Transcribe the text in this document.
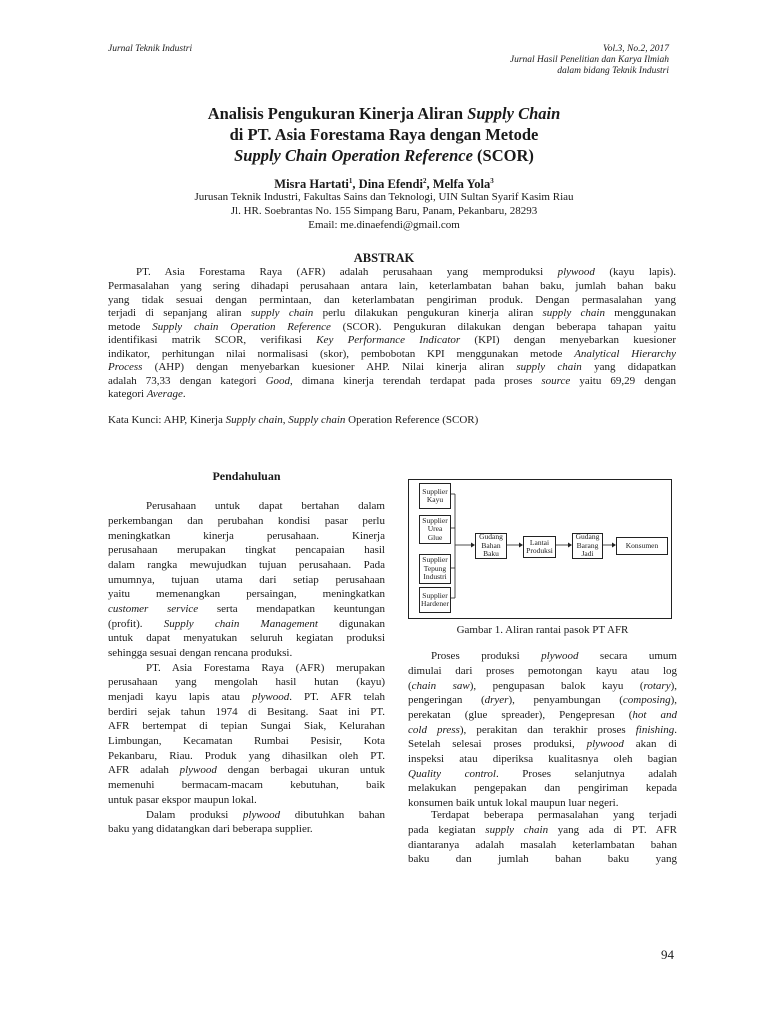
Jurnal Teknik Industri	Vol.3, No.2, 2017
Jurnal Hasil Penelitian dan Karya Ilmiah
dalam bidang Teknik Industri
Analisis Pengukuran Kinerja Aliran Supply Chain
di PT. Asia Forestama Raya dengan Metode
Supply Chain Operation Reference (SCOR)
Misra Hartati$^1$, Dina Efendi$^2$, Melfa Yola$^3$
Jurusan Teknik Industri, Fakultas Sains dan Teknologi, UIN Sultan Syarif Kasim Riau
Jl. HR. Soebrantas No. 155 Simpang Baru, Panam, Pekanbaru, 28293
Email: me.dinaefendi@gmail.com
ABSTRAK
PT. Asia Forestama Raya (AFR) adalah perusahaan yang memproduksi plywood (kayu lapis).
Permasalahan yang sering dihadapi perusahaan antara lain, keterlambatan bahan baku, jumlah bahan baku
yang tidak sesuai dengan permintaan, dan keterlambatan pengiriman produk. Dengan permasalahan yang
terjadi di sepanjang aliran supply chain perlu dilakukan pengukuran kinerja aliran supply chain menggunakan
metode Supply chain Operation Reference (SCOR). Pengukuran dilakukan dengan beberapa tahapan yaitu
identifikasi matrik SCOR, verifikasi Key Performance Indicator (KPI) dengan menyebarkan kuesioner
indikator, perhitungan nilai normalisasi (skor), pembobotan KPI menggunakan metode Analytical Hierarchy
Process (AHP) dengan menyebarkan kuesioner AHP. Nilai kinerja aliran supply chain yang didapatkan
adalah 73,33 dengan kategori Good, dimana kinerja terendah terdapat pada proses source yaitu 69,29 dengan
kategori Average.
Kata Kunci: AHP, Kinerja Supply chain, Supply chain Operation Reference (SCOR)
Pendahuluan
Perusahaan untuk dapat bertahan dalam
perkembangan dan perubahan kondisi pasar perlu
meningkatkan kinerja perusahaan. Kinerja
perusahaan merupakan tingkat pencapaian hasil
dalam rangka mewujudkan tujuan perusahaan. Pada
umumnya, tujuan utama dari setiap perusahaan
yaitu memenangkan persaingan, meningkatkan
customer service serta mendapatkan keuntungan
(profit). Supply chain Management digunakan
untuk dapat menyatukan seluruh kegiatan produksi
sehingga sesuai dengan rencana produksi.
PT. Asia Forestama Raya (AFR) merupakan
perusahaan yang mengolah hasil hutan (kayu)
menjadi kayu lapis atau plywood. PT. AFR telah
berdiri sejak tahun 1974 di Besitang. Saat ini PT.
AFR bertempat di tepian Sungai Siak, Kelurahan
Limbungan, Kecamatan Rumbai Pesisir, Kota
Pekanbaru, Riau. Produk yang dihasilkan oleh PT.
AFR adalah plywood dengan berbagai ukuran untuk
memenuhi bermacam-macam kebutuhan, baik
untuk pasar ekspor maupun lokal.
Dalam produksi plywood dibutuhkan bahan
baku yang didatangkan dari beberapa supplier.
Supplier
Kayu
Supplier
Urea
Glue
Supplier
Tepung
Industri
Supplier
Hardener
Gudang
Bahan
Baku
Lantai
Produksi
Gudang
Barang
Jadi
Konsumen
Gambar 1. Aliran rantai pasok PT AFR
Proses produksi plywood secara umum
dimulai dari proses pemotongan kayu atau log
(chain saw), pengupasan balok kayu (rotary),
pengeringan (dryer), penyambungan (composing),
perekatan (glue spreader), Pengepresan (hot and
cold press), perakitan dan terakhir proses finishing.
Setelah selesai proses produksi, plywood akan di
inspeksi atau diperiksa kualitasnya oleh bagian
Quality control. Proses selanjutnya adalah
melakukan pengepakan dan pengiriman kepada
konsumen baik untuk lokal maupun luar negeri.
Terdapat beberapa permasalahan yang terjadi
pada kegiatan supply chain yang ada di PT. AFR
diantaranya adalah masalah keterlambatan bahan
baku dan jumlah bahan baku yang
94
